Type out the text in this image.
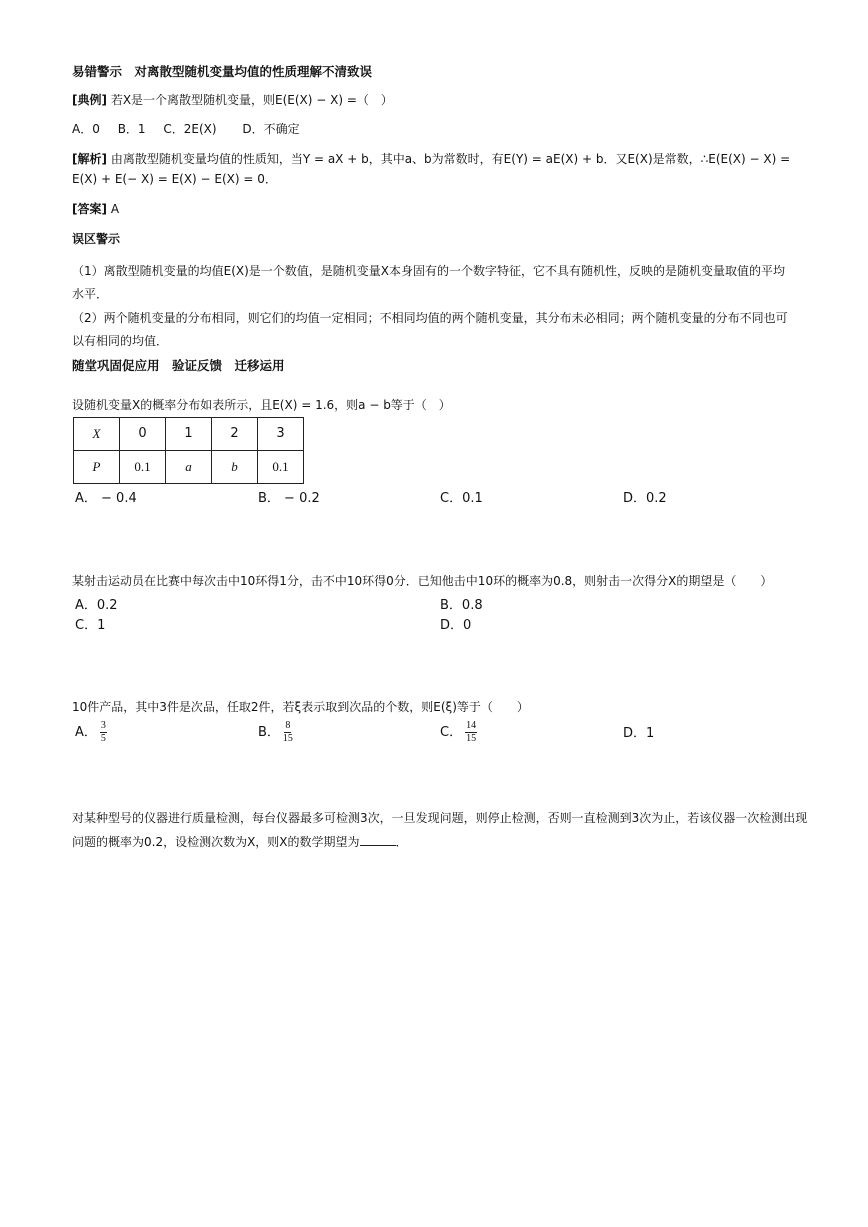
易错警示　对离散型随机变量均值的性质理解不清致误
[典例] 若X是一个离散型随机变量，则E(E(X) − X) =（　）
A．0 B．1 C．2E(X) D．不确定
[解析] 由离散型随机变量均值的性质知，当Y = aX + b，其中a、b为常数时，有E(Y) = aE(X) + b．又E(X)是常数，∴E(E(X) − X) =
E(X) + E(− X) = E(X) − E(X) = 0．
[答案] A
误区警示
（1）离散型随机变量的均值E(X)是一个数值，是随机变量X本身固有的一个数字特征，它不具有随机性，反映的是随机变量取值的平均水平．
（2）两个随机变量的分布相同，则它们的均值一定相同；不相同均值的两个随机变量，其分布未必相同；两个随机变量的分布不同也可以有相同的均值．
随堂巩固促应用　验证反馈　迁移运用
设随机变量X的概率分布如表所示，且E(X) = 1.6，则a − b等于（　）
X	0	1	2	3
P	0.1	a	b	0.1
A． − 0.4	B． − 0.2	C．0.1	D．0.2
某射击运动员在比赛中每次击中10环得1分，击不中10环得0分．已知他击中10环的概率为0.8，则射击一次得分X的期望是（　　）
A．0.2	B．0.8
C．1	D．0
10件产品，其中3件是次品，任取2件，若ξ表示取到次品的个数，则E(ξ)等于（　　）
A． $\frac{3}{5}$	B． $\frac{8}{15}$	C． $\frac{14}{15}$	D．1
对某种型号的仪器进行质量检测，每台仪器最多可检测3次，一旦发现问题，则停止检测，否则一直检测到3次为止，若该仪器一次检测出现
问题的概率为0.2，设检测次数为X，则X的数学期望为	．
